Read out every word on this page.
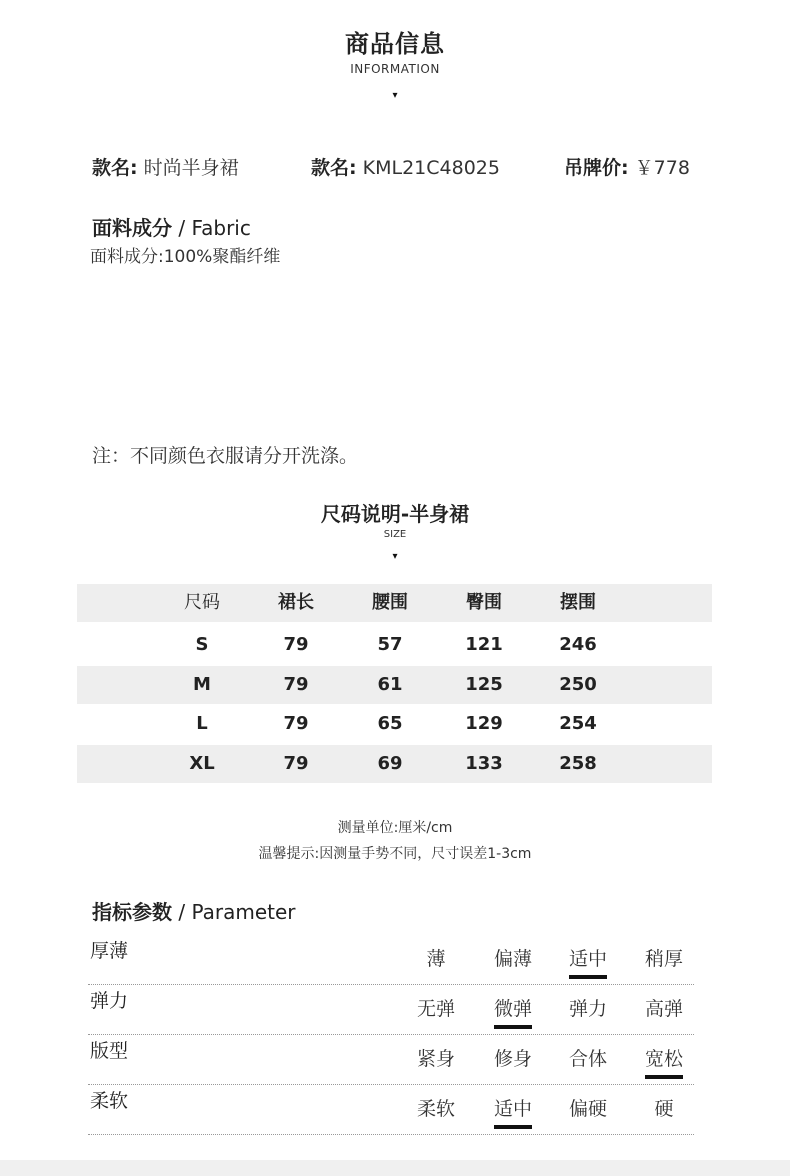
商品信息
INFORMATION
▾
款名: 时尚半身裙	款名: KML21C48025	吊牌价: ￥778
面料成分 / Fabric
面料成分:100%聚酯纤维
注：不同颜色衣服请分开洗涤。
尺码说明-半身裙
SIZE
▾
尺码	裙长	腰围	臀围	摆围
S	79	57	121	246
M	79	61	125	250
L	79	65	129	254
XL	79	69	133	258
测量单位:厘米/cm
温馨提示:因测量手势不同，尺寸误差1-3cm
指标参数 / Parameter
厚薄	薄	偏薄	适中	稍厚
弹力	无弹	微弹	弹力	高弹
版型	紧身	修身	合体	宽松
柔软	柔软	适中	偏硬	硬
